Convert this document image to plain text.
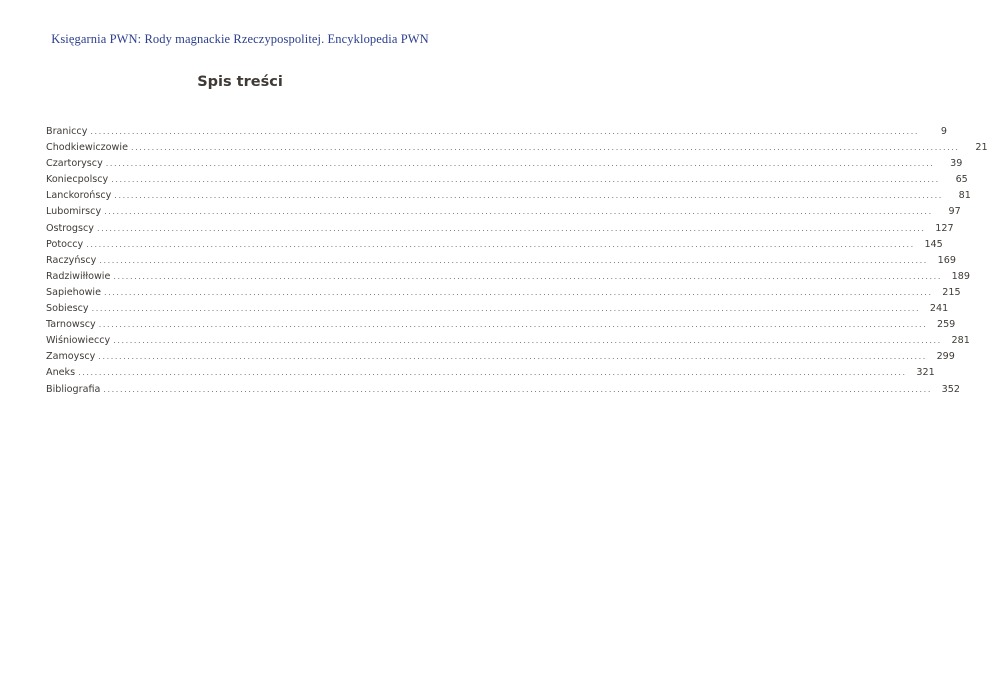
Księgarnia PWN: Rody magnackie Rzeczypospolitej. Encyklopedia PWN
Spis treści
Braniccy ........................................................................................................................................................................................................	9
Chodkiewiczowie ........................................................................................................................................................................................................	21
Czartoryscy ........................................................................................................................................................................................................	39
Koniecpolscy ........................................................................................................................................................................................................	65
Lanckorońscy ........................................................................................................................................................................................................	81
Lubomirscy ........................................................................................................................................................................................................	97
Ostrogscy ........................................................................................................................................................................................................	127
Potoccy ........................................................................................................................................................................................................	145
Raczyńscy ........................................................................................................................................................................................................	169
Radziwiłłowie ........................................................................................................................................................................................................	189
Sapiehowie ........................................................................................................................................................................................................	215
Sobiescy ........................................................................................................................................................................................................	241
Tarnowscy ........................................................................................................................................................................................................	259
Wiśniowieccy ........................................................................................................................................................................................................	281
Zamoyscy ........................................................................................................................................................................................................	299
Aneks ........................................................................................................................................................................................................	321
Bibliografia ........................................................................................................................................................................................................	352
